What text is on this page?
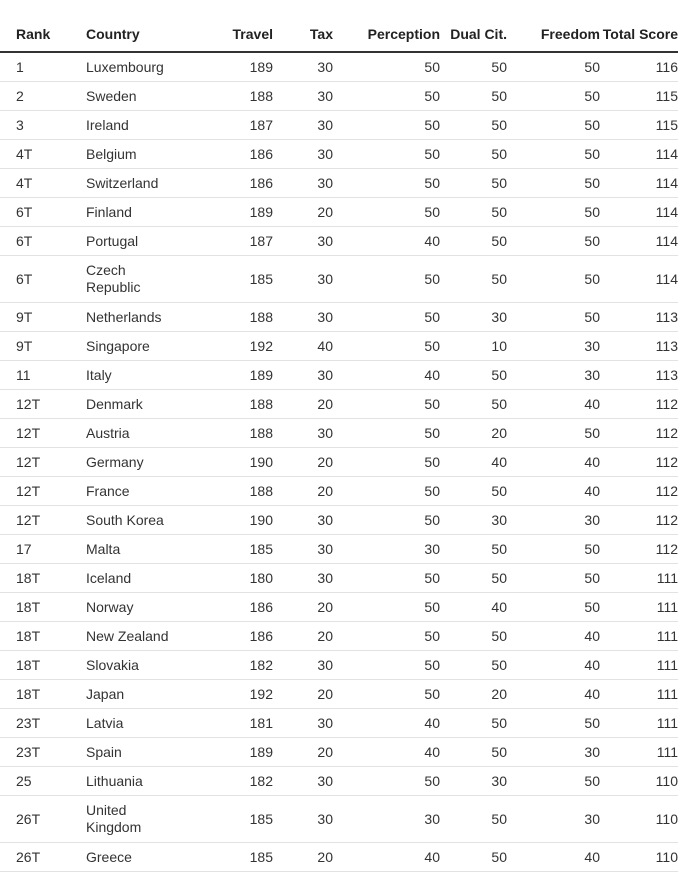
Rank	Country	Travel	Tax	Perception	Dual Cit.	Freedom	Total Score
1	Luxembourg	189	30	50	50	50	116
2	Sweden	188	30	50	50	50	115
3	Ireland	187	30	50	50	50	115
4T	Belgium	186	30	50	50	50	114
4T	Switzerland	186	30	50	50	50	114
6T	Finland	189	20	50	50	50	114
6T	Portugal	187	30	40	50	50	114
6T	Czech Republic	185	30	50	50	50	114
9T	Netherlands	188	30	50	30	50	113
9T	Singapore	192	40	50	10	30	113
11	Italy	189	30	40	50	30	113
12T	Denmark	188	20	50	50	40	112
12T	Austria	188	30	50	20	50	112
12T	Germany	190	20	50	40	40	112
12T	France	188	20	50	50	40	112
12T	South Korea	190	30	50	30	30	112
17	Malta	185	30	30	50	50	112
18T	Iceland	180	30	50	50	50	111
18T	Norway	186	20	50	40	50	111
18T	New Zealand	186	20	50	50	40	111
18T	Slovakia	182	30	50	50	40	111
18T	Japan	192	20	50	20	40	111
23T	Latvia	181	30	40	50	50	111
23T	Spain	189	20	40	50	30	111
25	Lithuania	182	30	50	30	50	110
26T	United Kingdom	185	30	30	50	30	110
26T	Greece	185	20	40	50	40	110
